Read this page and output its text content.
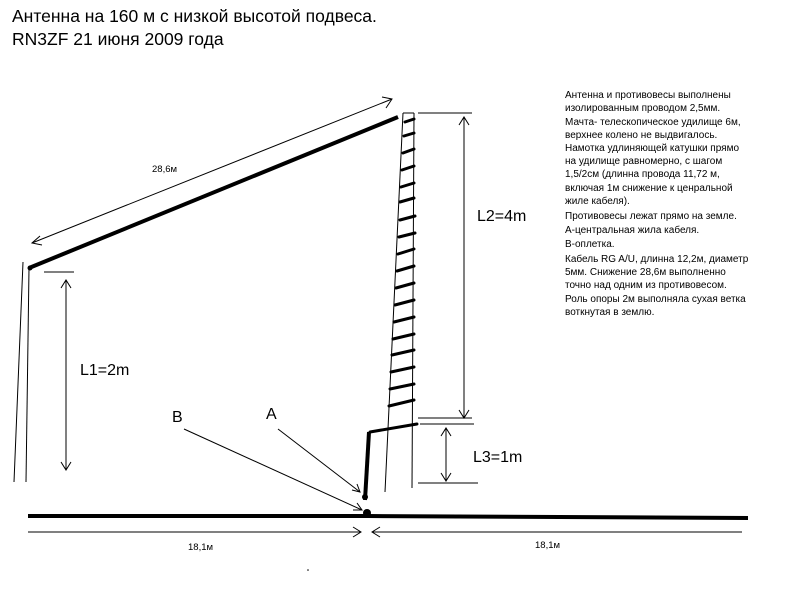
Антенна на 160 м с низкой высотой подвеса.
RN3ZF 21 июня 2009 года
Антенна и противовесы выполнены
изолированным проводом 2,5мм.
Мачта- телескопическое удилище 6м,
верхнее колено не выдвигалось.
Намотка удлиняющей катушки прямо
на удилище равномерно, с шагом
1,5/2см (длинна провода 11,72 м,
включая 1м снижение к ценральной
жиле кабеля).
Противовесы лежат прямо на земле.
А-центральная жила кабеля.
В-оплетка.
Кабель RG A/U, длинна 12,2м, диаметр
5мм. Снижение 28,6м выполненно
точно над одним из противовесом.
Роль опоры 2м выполняла сухая ветка
воткнутая в землю.
28,6м
L1=2m
L2=4m
L3=1m
A
B
18,1м	18,1м
